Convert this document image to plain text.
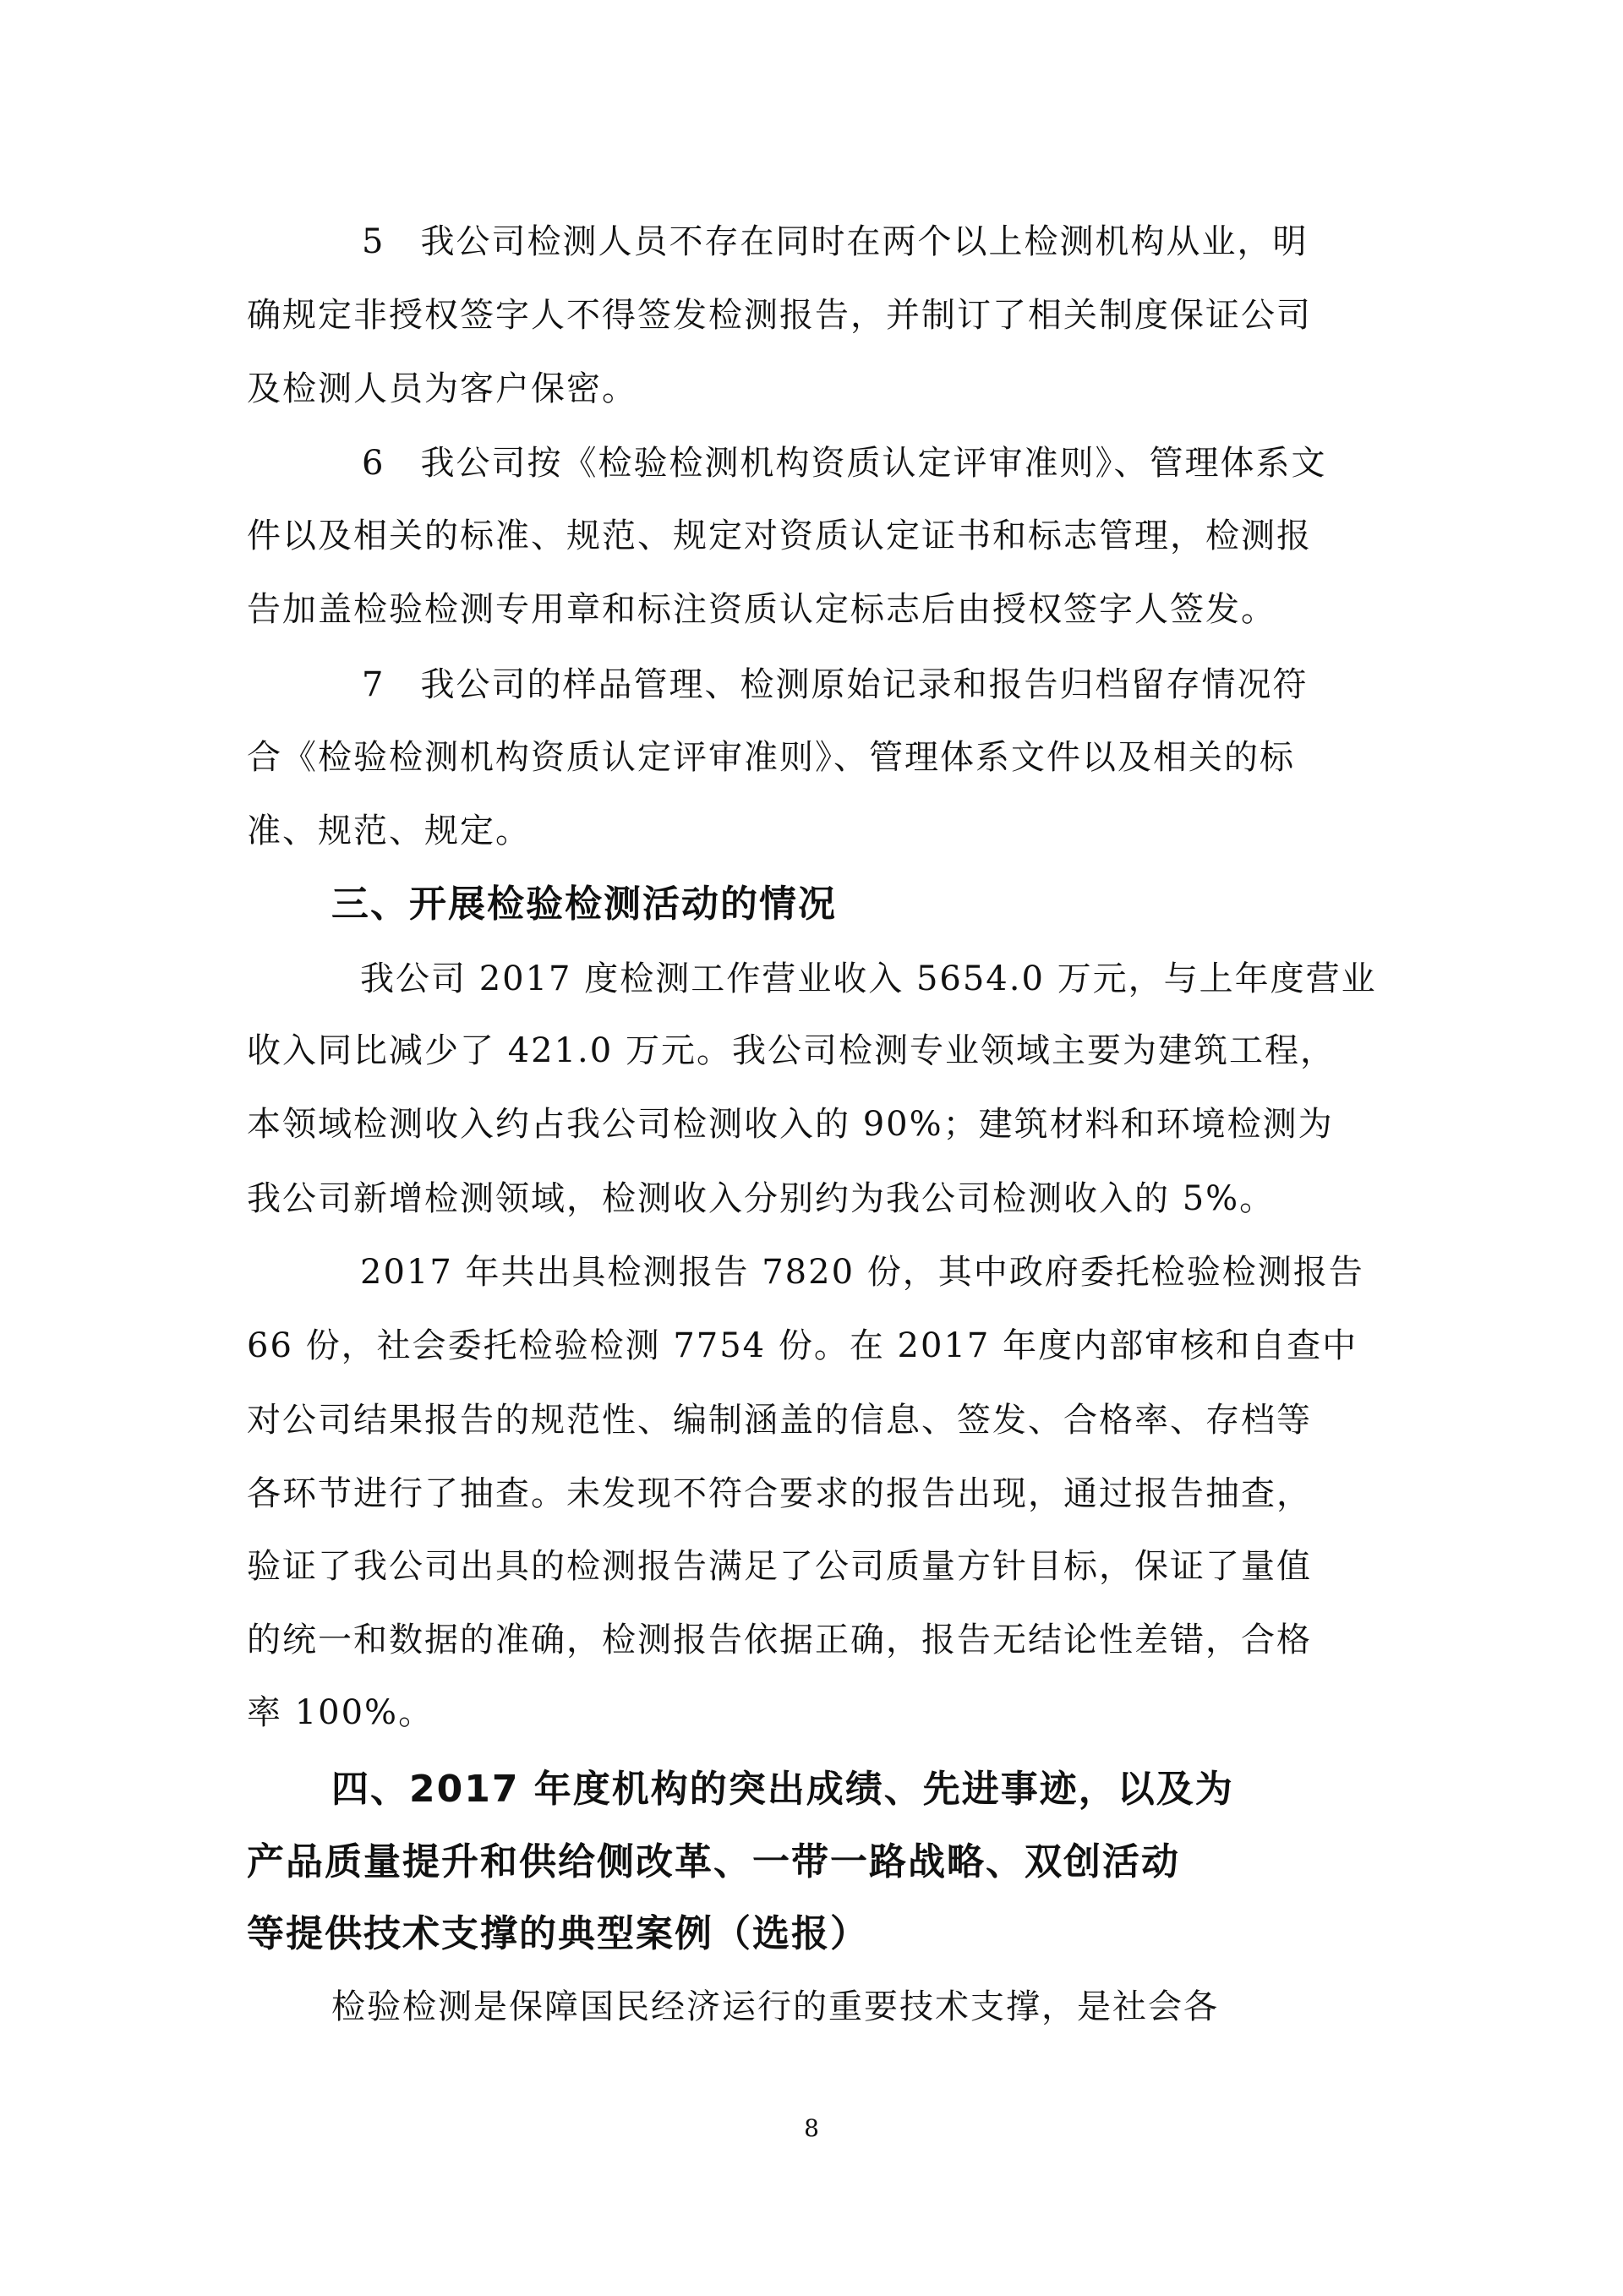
5　我公司检测人员不存在同时在两个以上检测机构从业，明
确规定非授权签字人不得签发检测报告，并制订了相关制度保证公司
及检测人员为客户保密。
6　我公司按《检验检测机构资质认定评审准则》、管理体系文
件以及相关的标准、规范、规定对资质认定证书和标志管理，检测报
告加盖检验检测专用章和标注资质认定标志后由授权签字人签发。
7　我公司的样品管理、检测原始记录和报告归档留存情况符
合《检验检测机构资质认定评审准则》、管理体系文件以及相关的标
准、规范、规定。
三、开展检验检测活动的情况
我公司 2017 度检测工作营业收入 5654.0 万元，与上年度营业
收入同比减少了 421.0 万元。我公司检测专业领域主要为建筑工程，
本领域检测收入约占我公司检测收入的 90%；建筑材料和环境检测为
我公司新增检测领域，检测收入分别约为我公司检测收入的 5%。
2017 年共出具检测报告 7820 份，其中政府委托检验检测报告
66 份，社会委托检验检测 7754 份。在 2017 年度内部审核和自查中
对公司结果报告的规范性、编制涵盖的信息、签发、合格率、存档等
各环节进行了抽查。未发现不符合要求的报告出现，通过报告抽查，
验证了我公司出具的检测报告满足了公司质量方针目标，保证了量值
的统一和数据的准确，检测报告依据正确，报告无结论性差错，合格
率 100%。
四、2017 年度机构的突出成绩、先进事迹，以及为
产品质量提升和供给侧改革、一带一路战略、双创活动
等提供技术支撑的典型案例（选报）
检验检测是保障国民经济运行的重要技术支撑，是社会各
8
